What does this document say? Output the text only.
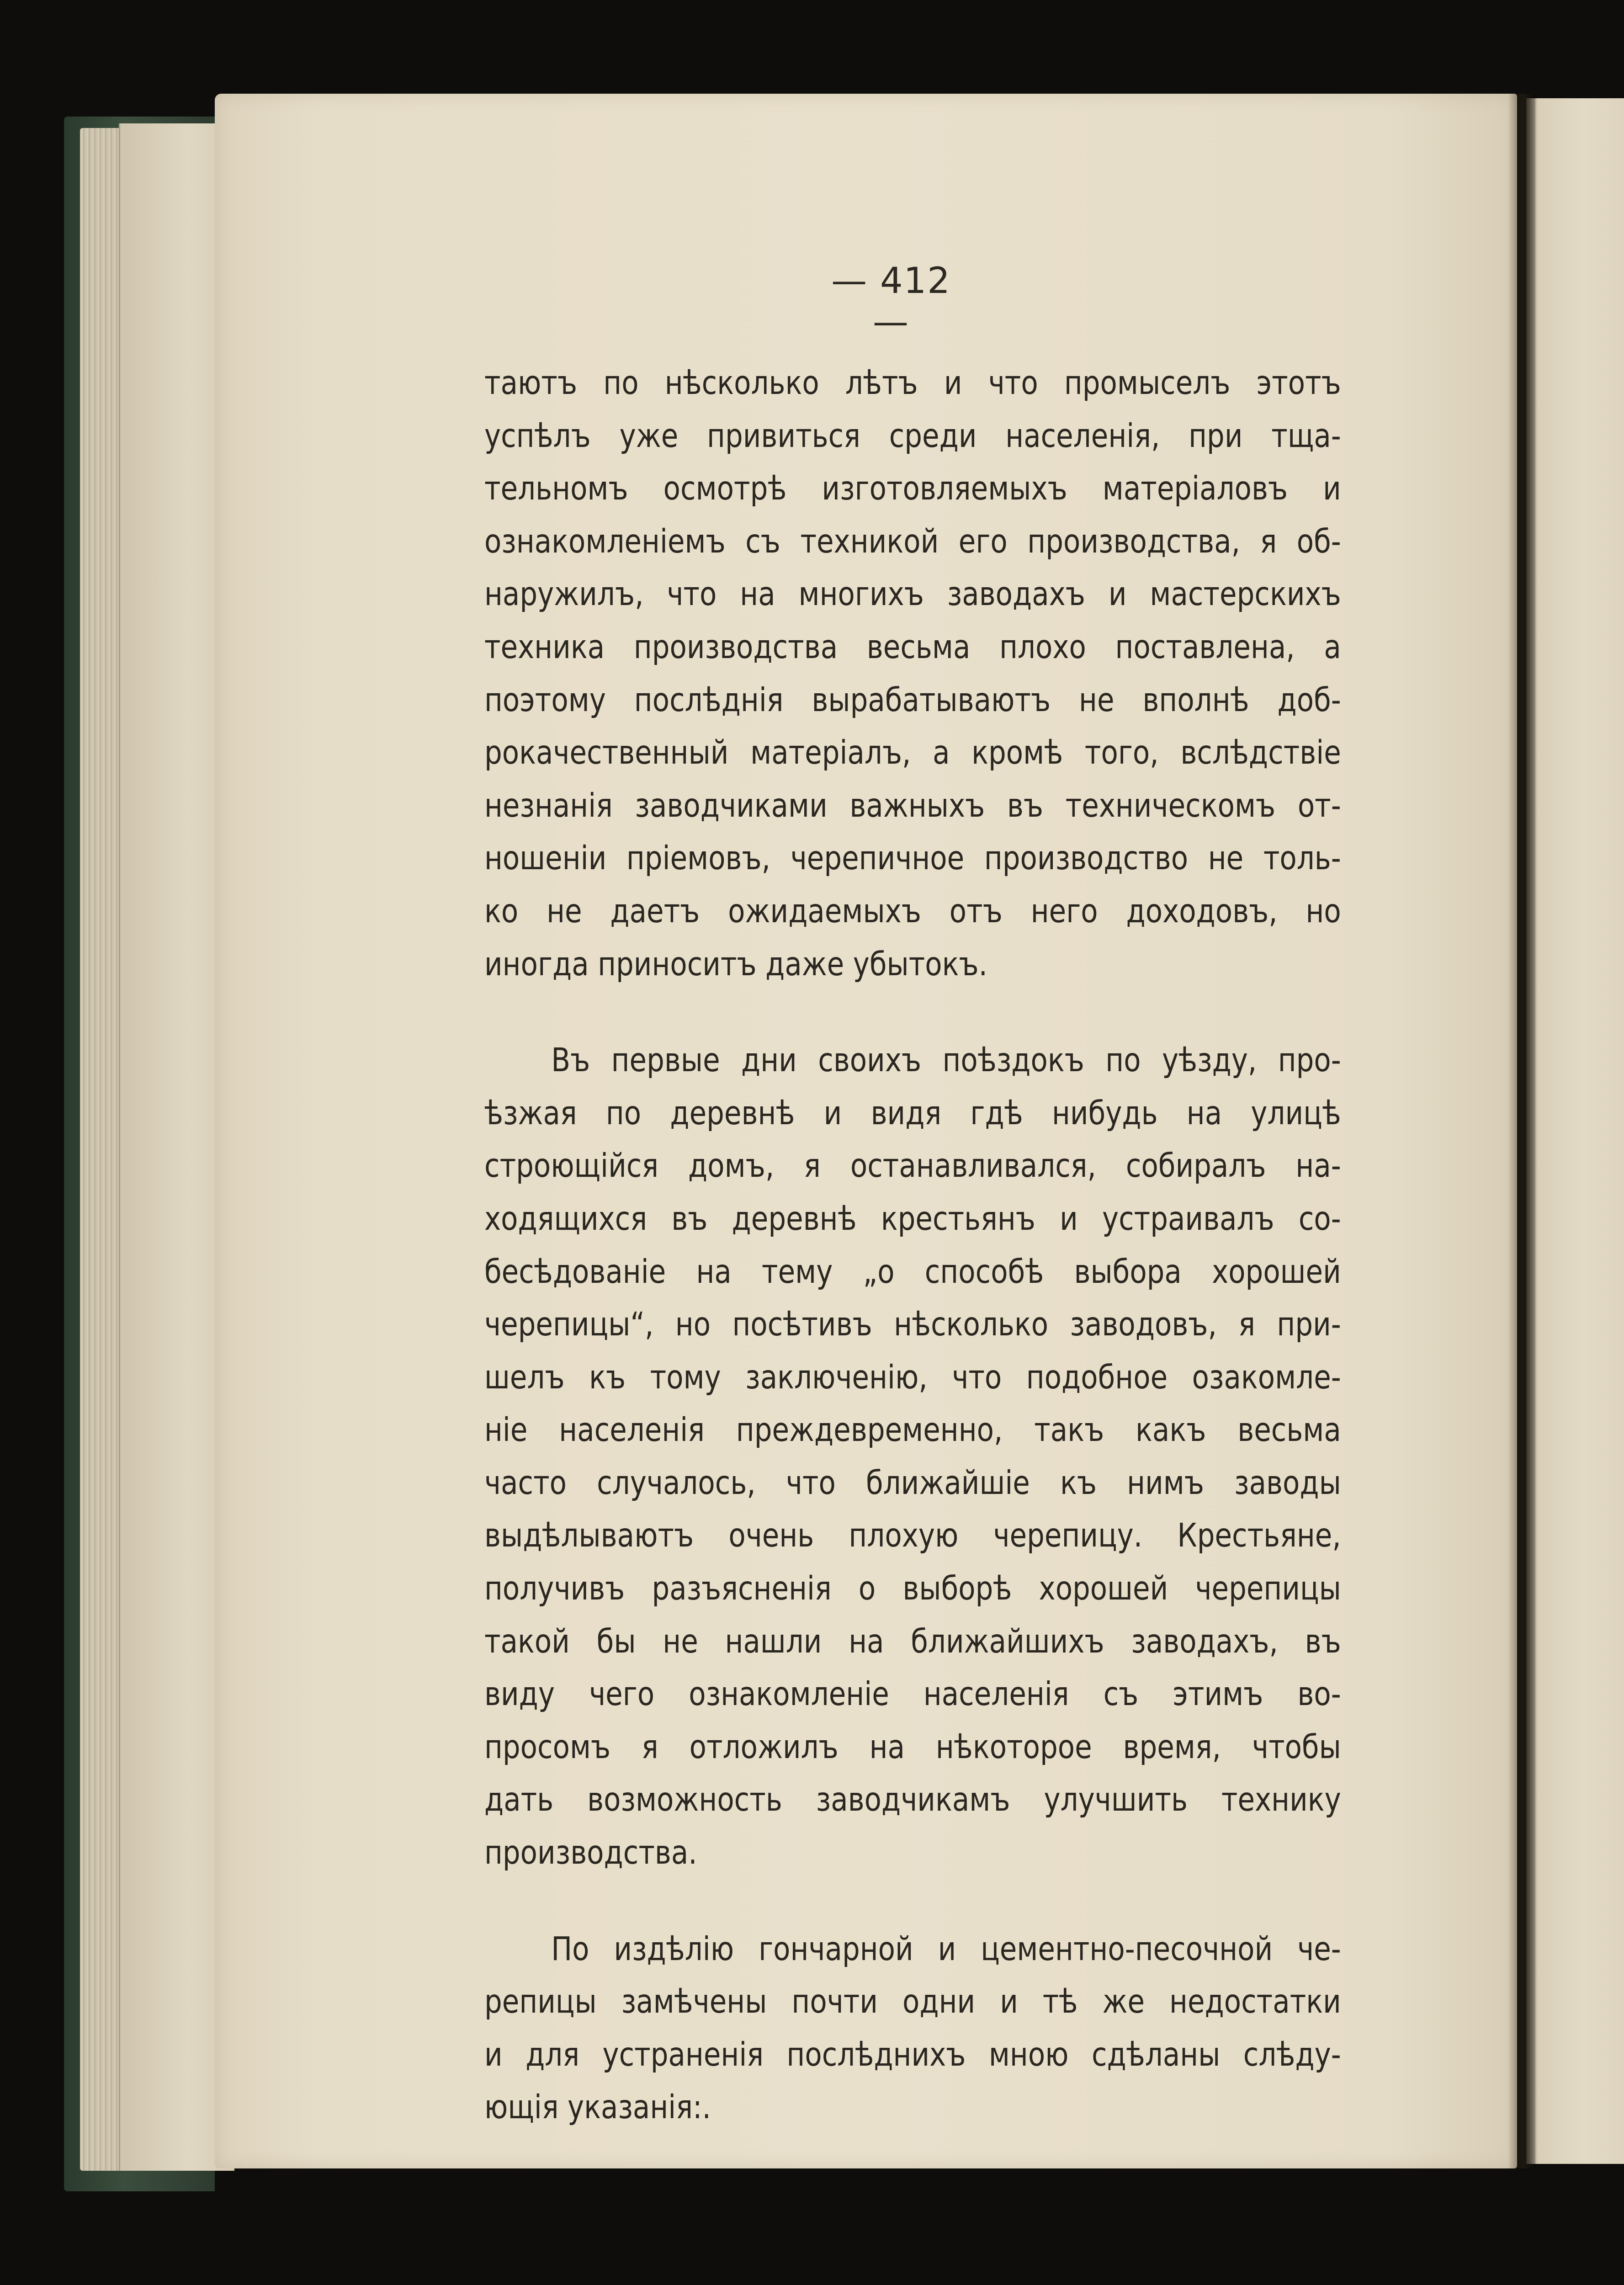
— 412 —
таютъ по нѣсколько лѣтъ и что промыселъ этотъ
успѣлъ уже привиться среди населенія, при тща-
тельномъ осмотрѣ изготовляемыхъ матеріаловъ и
ознакомленіемъ съ техникой его производства, я об-
наружилъ, что на многихъ заводахъ и мастерскихъ
техника производства весьма плохо поставлена, а
поэтому послѣднія вырабатываютъ не вполнѣ доб-
рокачественный матеріалъ, а кромѣ того, вслѣдствіе
незнанія заводчиками важныхъ въ техническомъ от-
ношеніи пріемовъ, черепичное производство не толь-
ко не даетъ ожидаемыхъ отъ него доходовъ, но
иногда приноситъ даже убытокъ.
Въ первые дни своихъ поѣздокъ по уѣзду, про-
ѣзжая по деревнѣ и видя гдѣ нибудь на улицѣ
строющійся домъ, я останавливался, собиралъ на-
ходящихся въ деревнѣ крестьянъ и устраивалъ со-
бесѣдованіе на тему „о способѣ выбора хорошей
черепицы“, но посѣтивъ нѣсколько заводовъ, я при-
шелъ къ тому заключенію, что подобное озакомле-
ніе населенія преждевременно, такъ какъ весьма
часто случалось, что ближайшіе къ нимъ заводы
выдѣлываютъ очень плохую черепицу. Крестьяне,
получивъ разъясненія о выборѣ хорошей черепицы
такой бы не нашли на ближайшихъ заводахъ, въ
виду чего ознакомленіе населенія съ этимъ во-
просомъ я отложилъ на нѣкоторое время, чтобы
дать возможность заводчикамъ улучшить технику
производства.
По издѣлію гончарной и цементно-песочной че-
репицы замѣчены почти одни и тѣ же недостатки
и для устраненія послѣднихъ мною сдѣланы слѣду-
ющія указанія:.
